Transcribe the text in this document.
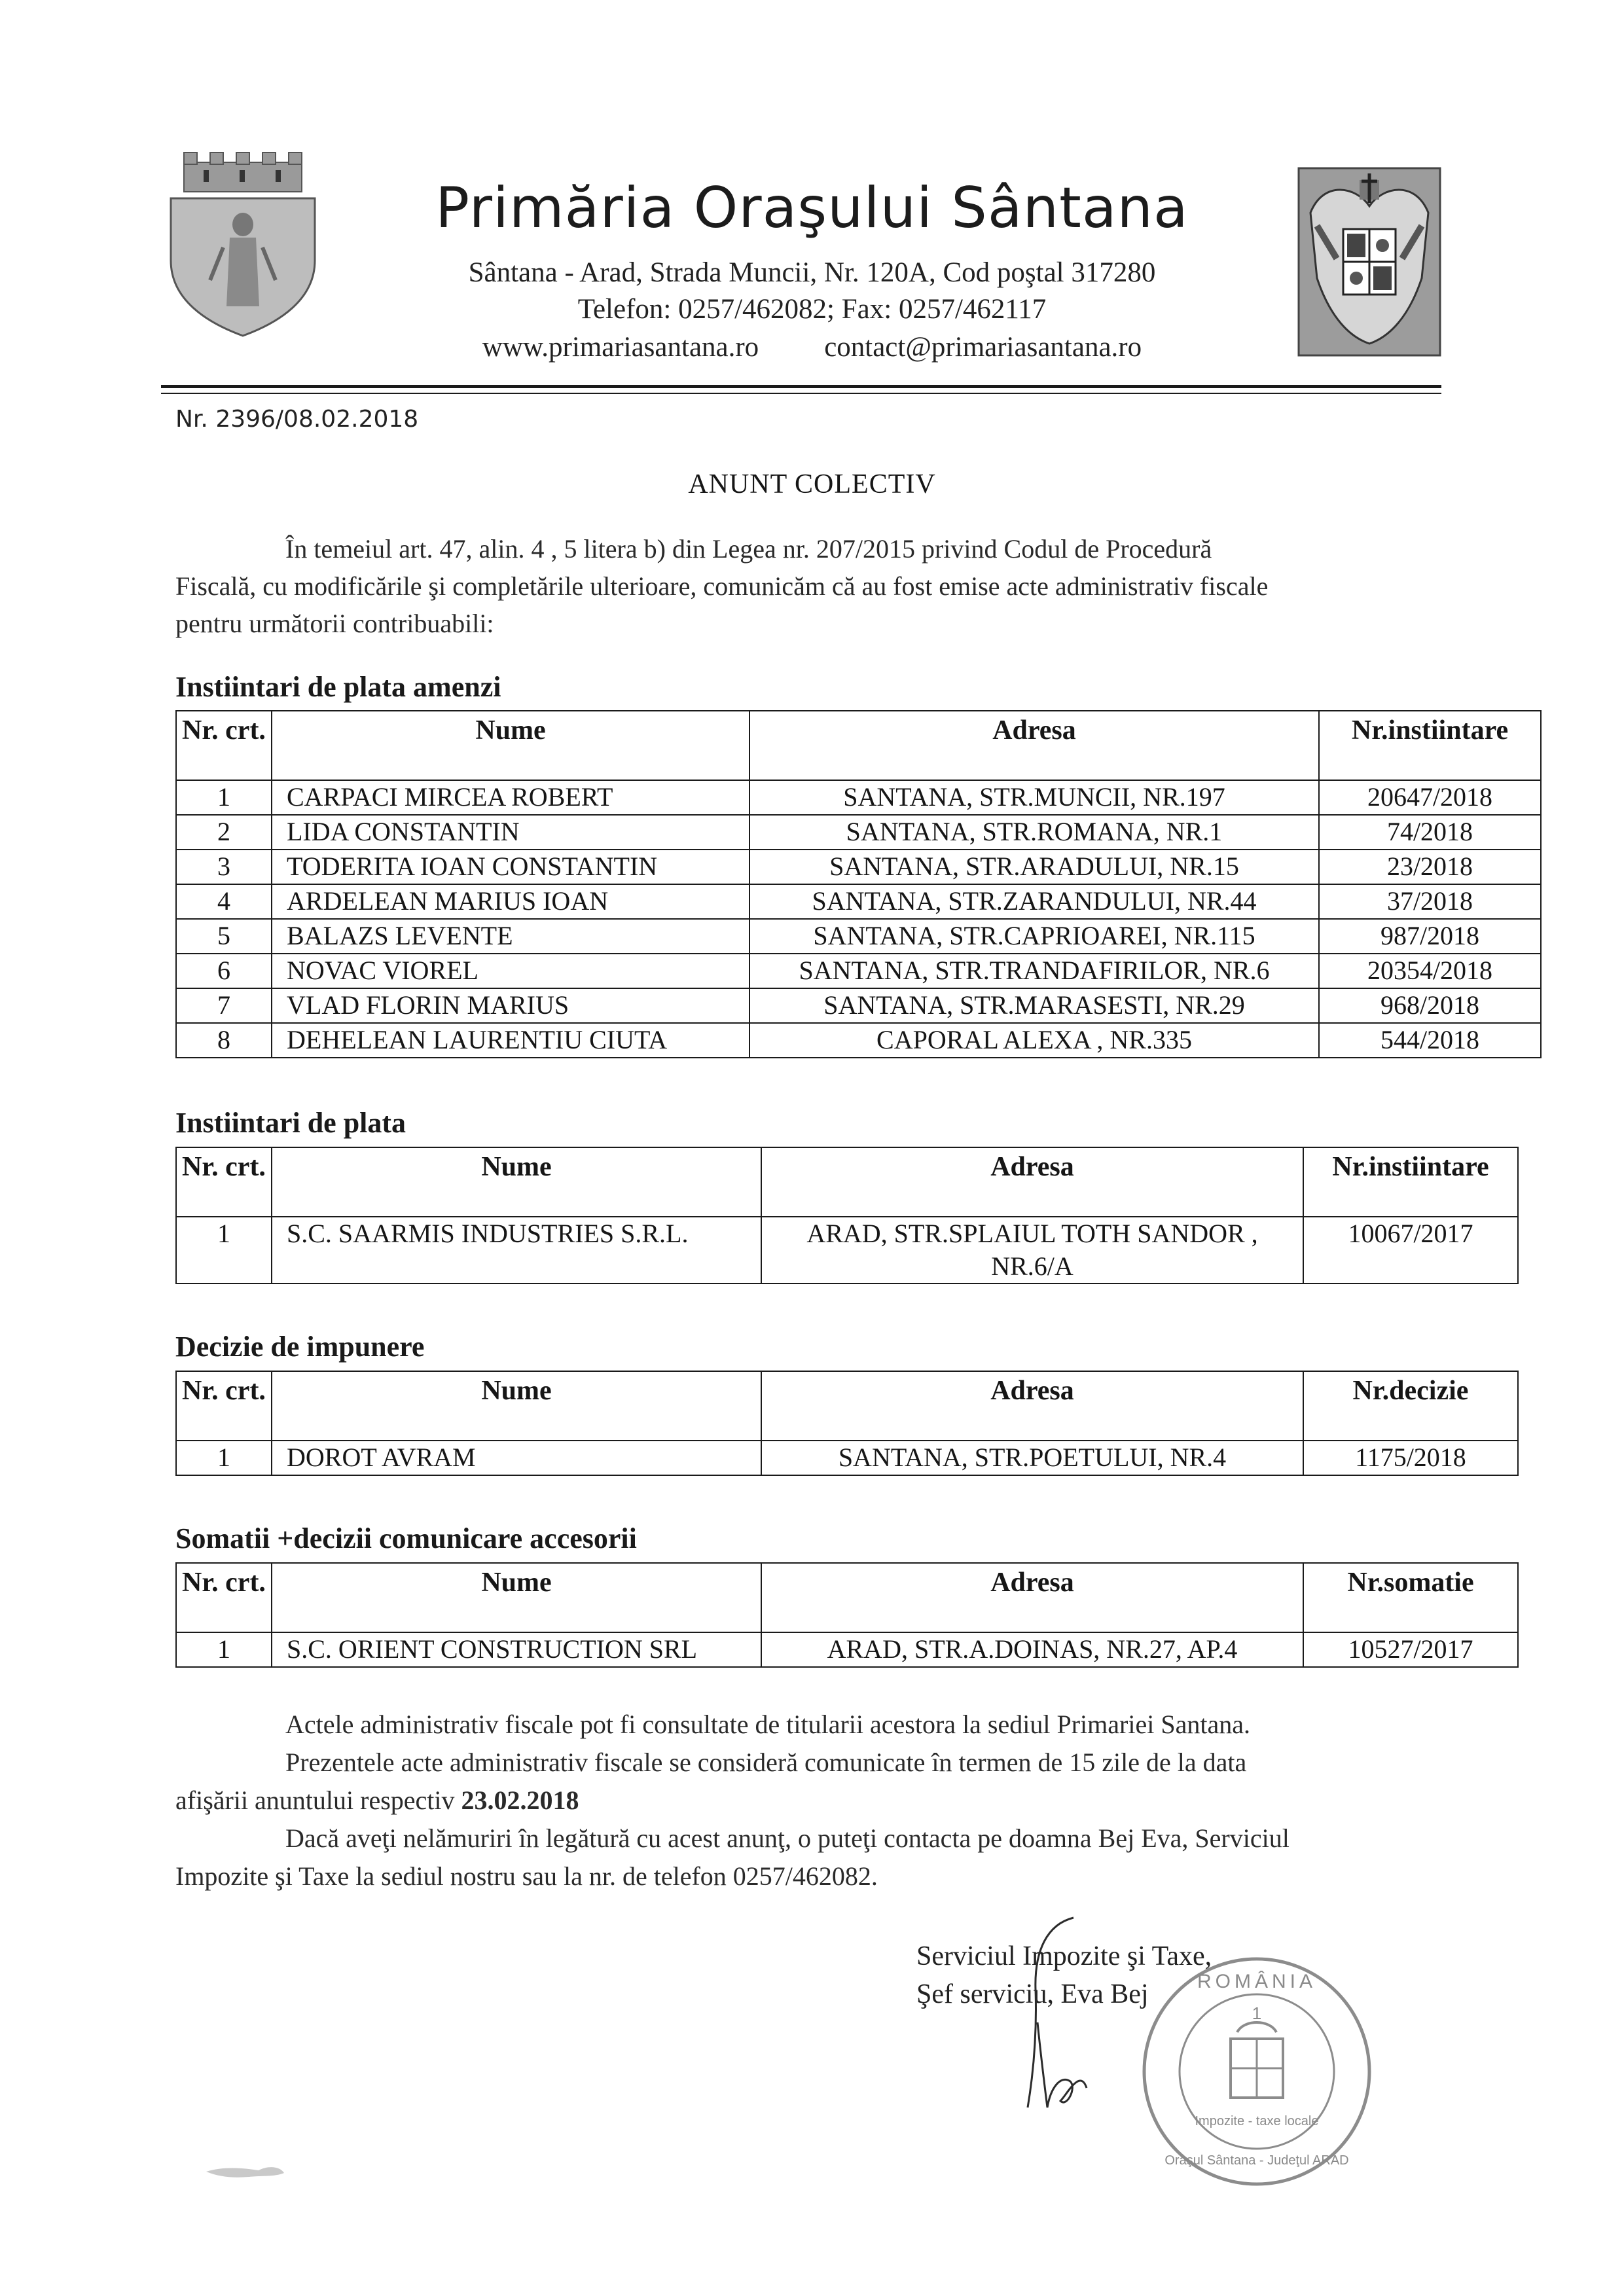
Primăria Oraşului Sântana
Sântana - Arad, Strada Muncii, Nr. 120A, Cod poştal 317280
Telefon: 0257/462082; Fax: 0257/462117
www.primariasantana.ro contact@primariasantana.ro
Nr. 2396/08.02.2018
ANUNT COLECTIV

În temeiul art. 47, alin. 4 , 5 litera b) din Legea nr. 207/2015 privind Codul de Procedură

Fiscală, cu modificările şi completările ulterioare, comunicăm că au fost emise acte administrativ fiscale

pentru următorii contribuabili:

Instiintari de plata amenzi
Nr. crt.	Nume	Adresa	Nr.instiintare
1	CARPACI MIRCEA ROBERT	SANTANA, STR.MUNCII, NR.197	20647/2018
2	LIDA CONSTANTIN	SANTANA, STR.ROMANA, NR.1	74/2018
3	TODERITA IOAN CONSTANTIN	SANTANA, STR.ARADULUI, NR.15	23/2018
4	ARDELEAN MARIUS IOAN	SANTANA, STR.ZARANDULUI, NR.44	37/2018
5	BALAZS LEVENTE	SANTANA, STR.CAPRIOAREI, NR.115	987/2018
6	NOVAC VIOREL	SANTANA, STR.TRANDAFIRILOR, NR.6	20354/2018
7	VLAD FLORIN MARIUS	SANTANA, STR.MARASESTI, NR.29	968/2018
8	DEHELEAN LAURENTIU CIUTA	CAPORAL ALEXA , NR.335	544/2018
Instiintari de plata
Nr. crt.	Nume	Adresa	Nr.instiintare
1	S.C. SAARMIS INDUSTRIES S.R.L.	ARAD, STR.SPLAIUL TOTH SANDOR , NR.6/A	10067/2017
Decizie de impunere
Nr. crt.	Nume	Adresa	Nr.decizie
1	DOROT AVRAM	SANTANA, STR.POETULUI, NR.4	1175/2018
Somatii +decizii comunicare accesorii
Nr. crt.	Nume	Adresa	Nr.somatie
1	S.C. ORIENT CONSTRUCTION SRL	ARAD, STR.A.DOINAS, NR.27, AP.4	10527/2017

Actele administrativ fiscale pot fi consultate de titularii acestora la sediul Primariei Santana.

Prezentele acte administrativ fiscale se consideră comunicate în termen de 15 zile de la data

afişării anuntului respectiv 23.02.2018

Dacă aveţi nelămuriri în legătură cu acest anunţ, o puteţi contacta pe doamna Bej Eva, Serviciul

Impozite şi Taxe la sediul nostru sau la nr. de telefon 0257/462082.

Serviciul Impozite şi Taxe,
Şef serviciu, Eva Bej	ROMÂNIA
1
Impozite - taxe locale
Oraşul Sântana - Judeţul ARAD
